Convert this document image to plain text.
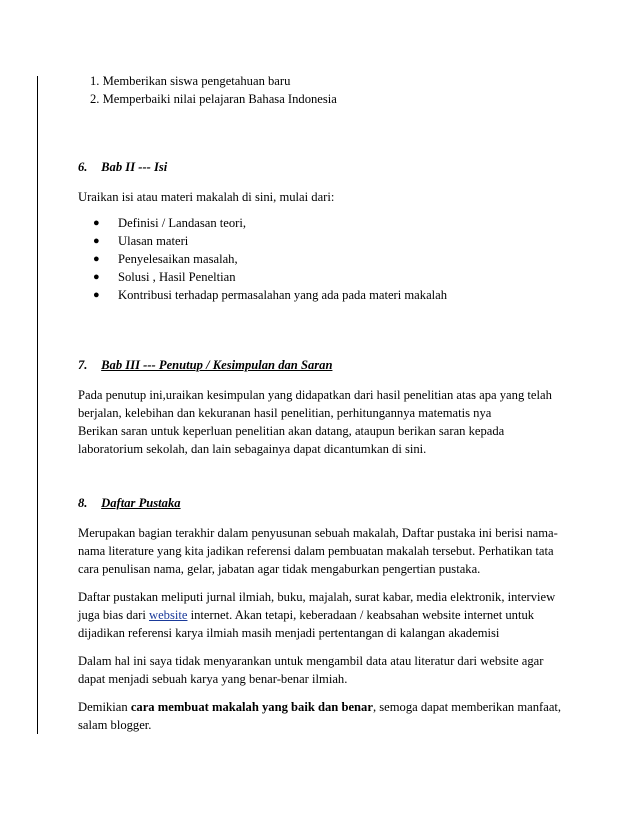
1. Memberikan siswa pengetahuan baru
2. Memperbaiki nilai pelajaran Bahasa Indonesia
6. Bab II --- Isi
Uraikan isi atau materi makalah di sini, mulai dari:
● Definisi / Landasan teori,
● Ulasan materi
● Penyelesaikan masalah,
● Solusi , Hasil Peneltian
● Kontribusi terhadap permasalahan yang ada pada materi makalah
7. Bab III --- Penutup / Kesimpulan dan Saran
Pada penutup ini,uraikan kesimpulan yang didapatkan dari hasil penelitian atas apa yang telah
berjalan, kelebihan dan kekuranan hasil penelitian, perhitungannya matematis nya
Berikan saran untuk keperluan penelitian akan datang, ataupun berikan saran kepada
laboratorium sekolah, dan lain sebagainya dapat dicantumkan di sini.
8. Daftar Pustaka
Merupakan bagian terakhir dalam penyusunan sebuah makalah, Daftar pustaka ini berisi nama-
nama literature yang kita jadikan referensi dalam pembuatan makalah tersebut. Perhatikan tata
cara penulisan nama, gelar, jabatan agar tidak mengaburkan pengertian pustaka.
Daftar pustakan meliputi jurnal ilmiah, buku, majalah, surat kabar, media elektronik, interview
juga bias dari website internet. Akan tetapi, keberadaan / keabsahan website internet untuk
dijadikan referensi karya ilmiah masih menjadi pertentangan di kalangan akademisi
Dalam hal ini saya tidak menyarankan untuk mengambil data atau literatur dari website agar
dapat menjadi sebuah karya yang benar-benar ilmiah.
Demikian cara membuat makalah yang baik dan benar, semoga dapat memberikan manfaat,
salam blogger.
